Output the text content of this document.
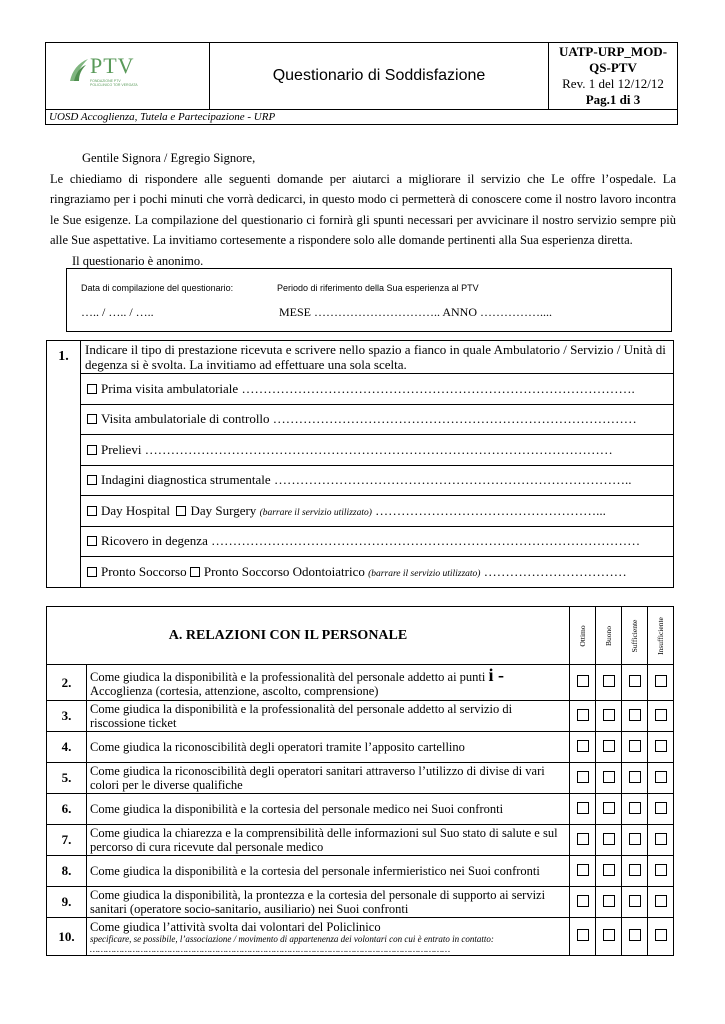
PTV
FONDAZIONE PTV
POLICLINICO TOR VERGATA
Questionario di Soddisfazione
UATP-URP_MOD-
QS-PTV
Rev. 1 del 12/12/12
Pag.1 di 3
UOSD Accoglienza, Tutela e Partecipazione - URP
Gentile Signora / Egregio Signore,
Le chiediamo di rispondere alle seguenti domande per aiutarci a migliorare il servizio che Le offre l’ospedale. La ringraziamo per i pochi minuti che vorrà dedicarci, in questo modo ci permetterà di conoscere come il nostro lavoro incontra le Sue esigenze. La compilazione del questionario ci fornirà gli spunti necessari per avvicinare il nostro servizio sempre più alle Sue aspettative. La invitiamo cortesemente a rispondere solo alle domande pertinenti alla Sua esperienza diretta.
Il questionario è anonimo.
Data di compilazione del questionario:	Periodo di riferimento della Sua esperienza al PTV
….. / ….. / …..	MESE ………………………….. ANNO ……………....
1.	Indicare il tipo di prestazione ricevuta e scrivere nello spazio a fianco in quale Ambulatorio / Servizio / Unità di degenza si è svolta. La invitiamo ad effettuare una sola scelta.
Prima visita ambulatoriale ……………………………………………………………………………….
Visita ambulatoriale di controllo …………………………………………………………………………
Prelievi ………………………………………………………………………………………………
Indagini diagnostica strumentale ………………………………………………………………………..
Day Hospital Day Surgery (barrare il servizio utilizzato) ……………………………………………...
Ricovero in degenza ………………………………………………………………………………………
Pronto Soccorso Pronto Soccorso Odontoiatrico (barrare il servizio utilizzato) ……………………………
A. RELAZIONI CON IL PERSONALE		Ottimo	Buono	Sufficiente	Insufficiente

2.	Come giudica la disponibilità e la professionalità del personale addetto ai punti i -
Accoglienza (cortesia, attenzione, ascolto, comprensione)				
3.	Come giudica la disponibilità e la professionalità del personale addetto al servizio di riscossione ticket				
4.	Come giudica la riconoscibilità degli operatori tramite l’apposito cartellino				
5.	Come giudica la riconoscibilità degli operatori sanitari attraverso l’utilizzo di divise di vari colori per le diverse qualifiche				
6.	Come giudica la disponibilità e la cortesia del personale medico nei Suoi confronti				
7.	Come giudica la chiarezza e la comprensibilità delle informazioni sul Suo stato di salute e sul percorso di cura ricevute dal personale medico				
8.	Come giudica la disponibilità e la cortesia del personale infermieristico nei Suoi confronti				
9.	Come giudica la disponibilità, la prontezza e la cortesia del personale di supporto ai servizi sanitari (operatore socio-sanitario, ausiliario) nei Suoi confronti				
10.	Come giudica l’attività svolta dai volontari del Policlinico
specificare, se possibile, l’associazione / movimento di appartenenza dei volontari con cui è entrato in contatto: ………………………………………………………………………………………………………………………				
